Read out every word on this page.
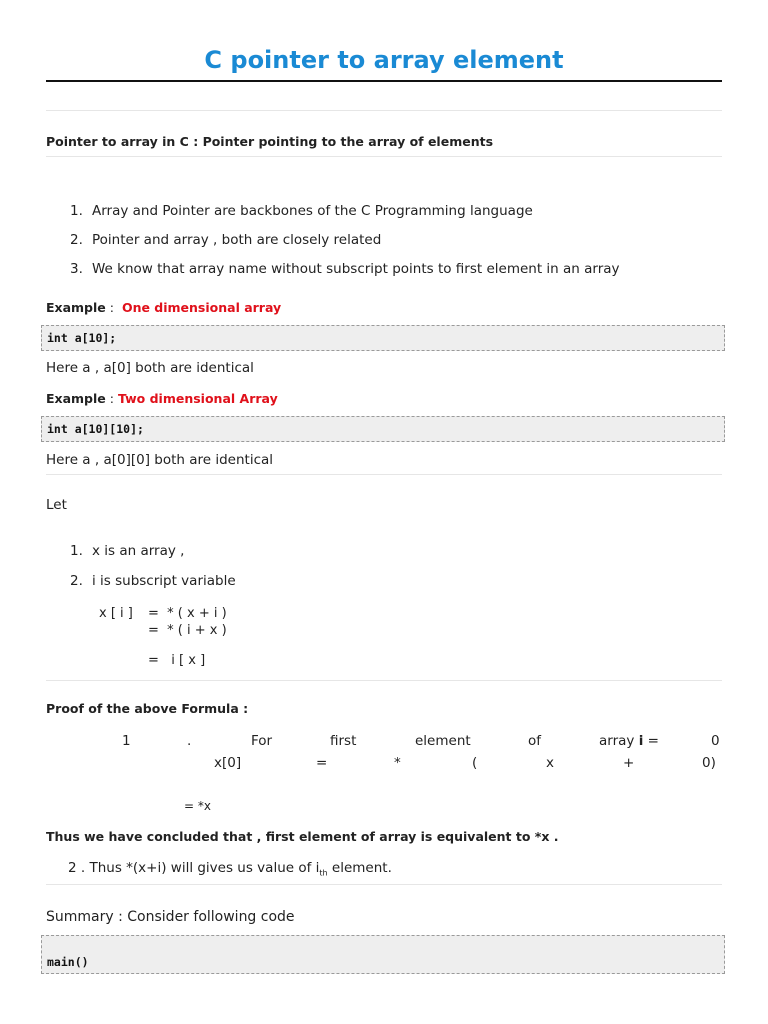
C pointer to array element
Pointer to array in C : Pointer pointing to the array of elements
1. Array and Pointer are backbones of the C Programming language
2. Pointer and array , both are closely related
3. We know that array name without subscript points to first element in an array
Example : One dimensional array
int a[10];
Here a , a[0] both are identical
Example : Two dimensional Array
int a[10][10];
Here a , a[0][0] both are identical
Let
1. x is an array ,
2. i is subscript variable
x [ i ] =  * ( x + i )
=  * ( i + x )
=   i [ x ]
Proof of the above Formula :
1	.	For	first	element	of	array i =	0
x[0]	=	*	(	x	+	0)
= *x
Thus we have concluded that , first element of array is equivalent to *x .
2 . Thus *(x+i) will gives us value of $i_{th}$ element.
Summary : Consider following code
main()
